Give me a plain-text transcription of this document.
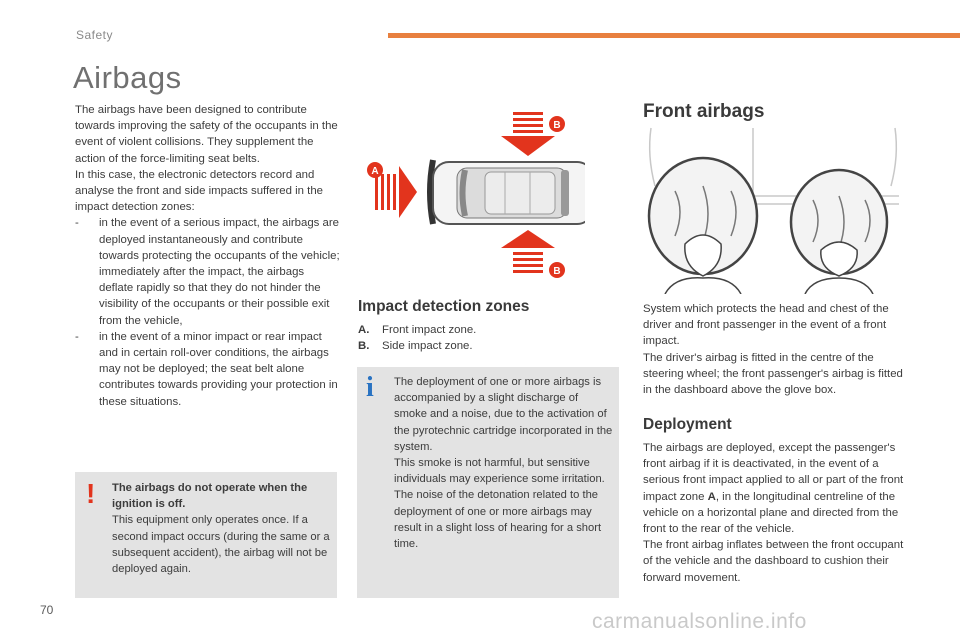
Safety
Airbags

The airbags have been designed to contribute towards improving the safety of the occupants in the event of violent collisions. They supplement the action of the force-limiting seat belts.

In this case, the electronic detectors record and analyse the front and side impacts suffered in the impact detection zones:

- in the event of a serious impact, the airbags are deployed instantaneously and contribute towards protecting the occupants of the vehicle; immediately after the impact, the airbags deflate rapidly so that they do not hinder the visibility of the occupants or their possible exit from the vehicle,
- in the event of a minor impact or rear impact and in certain roll-over conditions, the airbags may not be deployed; the seat belt alone contributes towards providing your protection in these situations.
! The airbags do not operate when the ignition is off.
This equipment only operates once. If a second impact occurs (during the same or a subsequent accident), the airbag will not be deployed again.
B
A
B
Impact detection zones
A. Front impact zone.
B. Side impact zone.
i The deployment of one or more airbags is accompanied by a slight discharge of smoke and a noise, due to the activation of the pyrotechnic cartridge incorporated in the system.
This smoke is not harmful, but sensitive individuals may experience some irritation.
The noise of the detonation related to the deployment of one or more airbags may result in a slight loss of hearing for a short time.
Front airbags
System which protects the head and chest of the driver and front passenger in the event of a front impact.
The driver's airbag is fitted in the centre of the steering wheel; the front passenger's airbag is fitted in the dashboard above the glove box.
Deployment
The airbags are deployed, except the passenger's front airbag if it is deactivated, in the event of a serious front impact applied to all or part of the front impact zone A, in the longitudinal centreline of the vehicle on a horizontal plane and directed from the front to the rear of the vehicle.
The front airbag inflates between the front occupant of the vehicle and the dashboard to cushion their forward movement.
70	carmanualsonline.info
